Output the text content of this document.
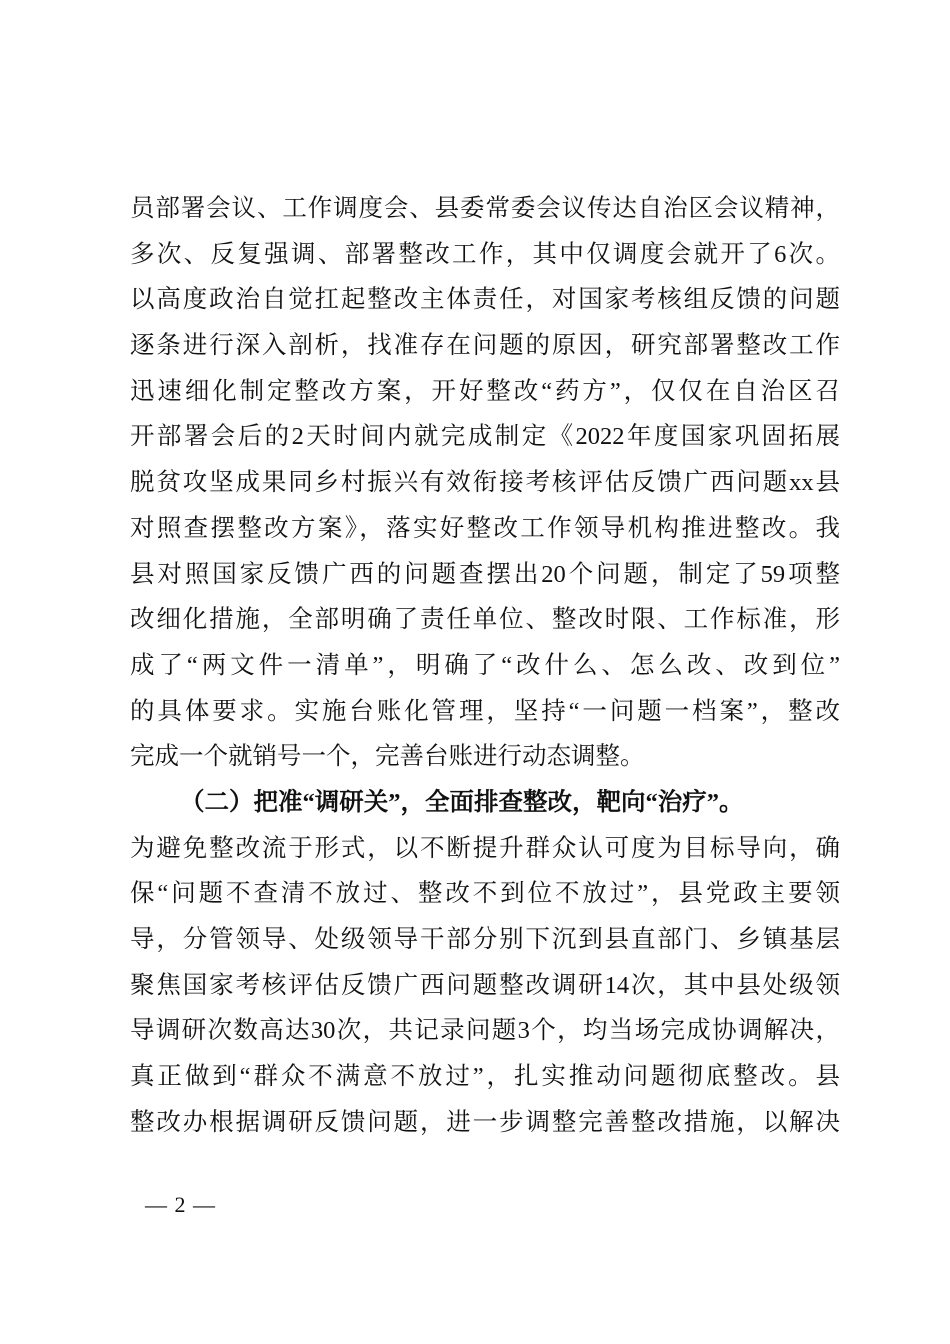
员部署会议、工作调度会、县委常委会议传达自治区会议精神，
多次、反复强调、部署整改工作，其中仅调度会就开了6次。
以高度政治自觉扛起整改主体责任，对国家考核组反馈的问题
逐条进行深入剖析，找准存在问题的原因，研究部署整改工作
迅速细化制定整改方案，开好整改“药方”，仅仅在自治区召
开部署会后的2天时间内就完成制定《2022年度国家巩固拓展
脱贫攻坚成果同乡村振兴有效衔接考核评估反馈广西问题xx县
对照查摆整改方案》，落实好整改工作领导机构推进整改。我
县对照国家反馈广西的问题查摆出20个问题，制定了59项整
改细化措施，全部明确了责任单位、整改时限、工作标准，形
成了“两文件一清单”，明确了“改什么、怎么改、改到位”
的具体要求。实施台账化管理，坚持“一问题一档案”，整改
完成一个就销号一个，完善台账进行动态调整。
（二）把准“调研关”，全面排查整改，靶向“治疗”。
为避免整改流于形式，以不断提升群众认可度为目标导向，确
保“问题不查清不放过、整改不到位不放过”，县党政主要领
导，分管领导、处级领导干部分别下沉到县直部门、乡镇基层
聚焦国家考核评估反馈广西问题整改调研14次，其中县处级领
导调研次数高达30次，共记录问题3个，均当场完成协调解决，
真正做到“群众不满意不放过”，扎实推动问题彻底整改。县
整改办根据调研反馈问题，进一步调整完善整改措施，以解决
— 2 —
